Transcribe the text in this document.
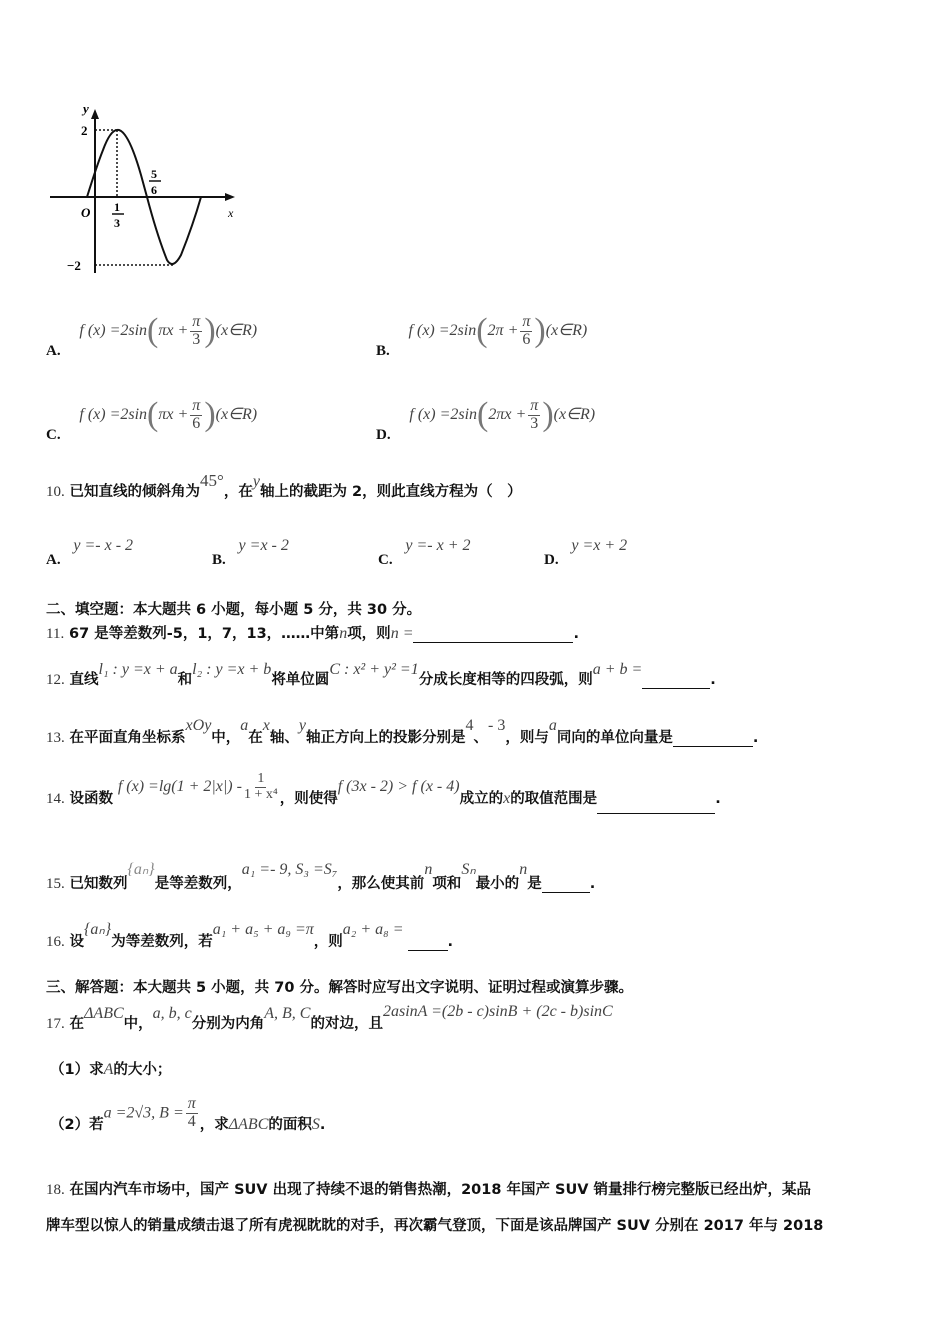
y
x
O
2
−2
1
3
5
6
A. f $(x) =2\sin(\pi x + \frac{\pi}{3}$ )(x∈R)
B. f $(x) =2\sin(2\pi + \frac{\pi}{6}$ )(x∈R)
C. f $(x) =2\sin(\pi x + \frac{\pi}{6}$ )(x∈R)
D. f $(x) =2\sin(2\pi x + \frac{\pi}{3}$ )(x∈R)
10. 已知直线的倾斜角为45°，在y轴上的截距为 2，则此直线方程为（　）
A. y =- x - 2
B. y =x - 2
C. y =- x + 2
D. y =x + 2
二、填空题：本大题共 6 小题，每小题 5 分，共 30 分。
11. 67 是等差数列-5，1，7，13，……中第n项，则n =	.
12. 直线l₁ : y =x + a和l₂ : y =x + b将单位圆C : x² + y² =1分成长度相等的四段弧，则a + b =.
13. 在平面直角坐标系xOy中，a在x轴、y轴正方向上的投影分别是4、- 3，则与a同向的单位向量是	.
14. 设函数 f $(x) =\lg(1 + 2|x|) - \frac{1}{\text{1 + x⁴}}$ ，则使得f (3x - 2) > f (x - 4)成立的x的取值范围是	.
15. 已知数列{aₙ}是等差数列，a₁ =- 9, S₃ =S₇，那么使其前n项和Sₙ最小的n是	.
16. 设{aₙ}为等差数列，若a₁ + a₅ + a₉ =π，则a₂ + a₈ =.
三、解答题：本大题共 5 小题，共 70 分。解答时应写出文字说明、证明过程或演算步骤。
17. 在ΔABC中，a, b, c分别为内角A, B, C的对边，且2asinA =(2b - c)sinB + (2c - b)sinC
（1）求A的大小；
（2）若a =2√3, $B = \frac{\pi}{4}$ ，求ΔABC的面积S.
18. 在国内汽车市场中，国产 SUV 出现了持续不退的销售热潮，2018 年国产 SUV 销量排行榜完整版已经出炉，某品
牌车型以惊人的销量成绩击退了所有虎视眈眈的对手，再次霸气登顶，下面是该品牌国产 SUV 分别在 2017 年与 2018
